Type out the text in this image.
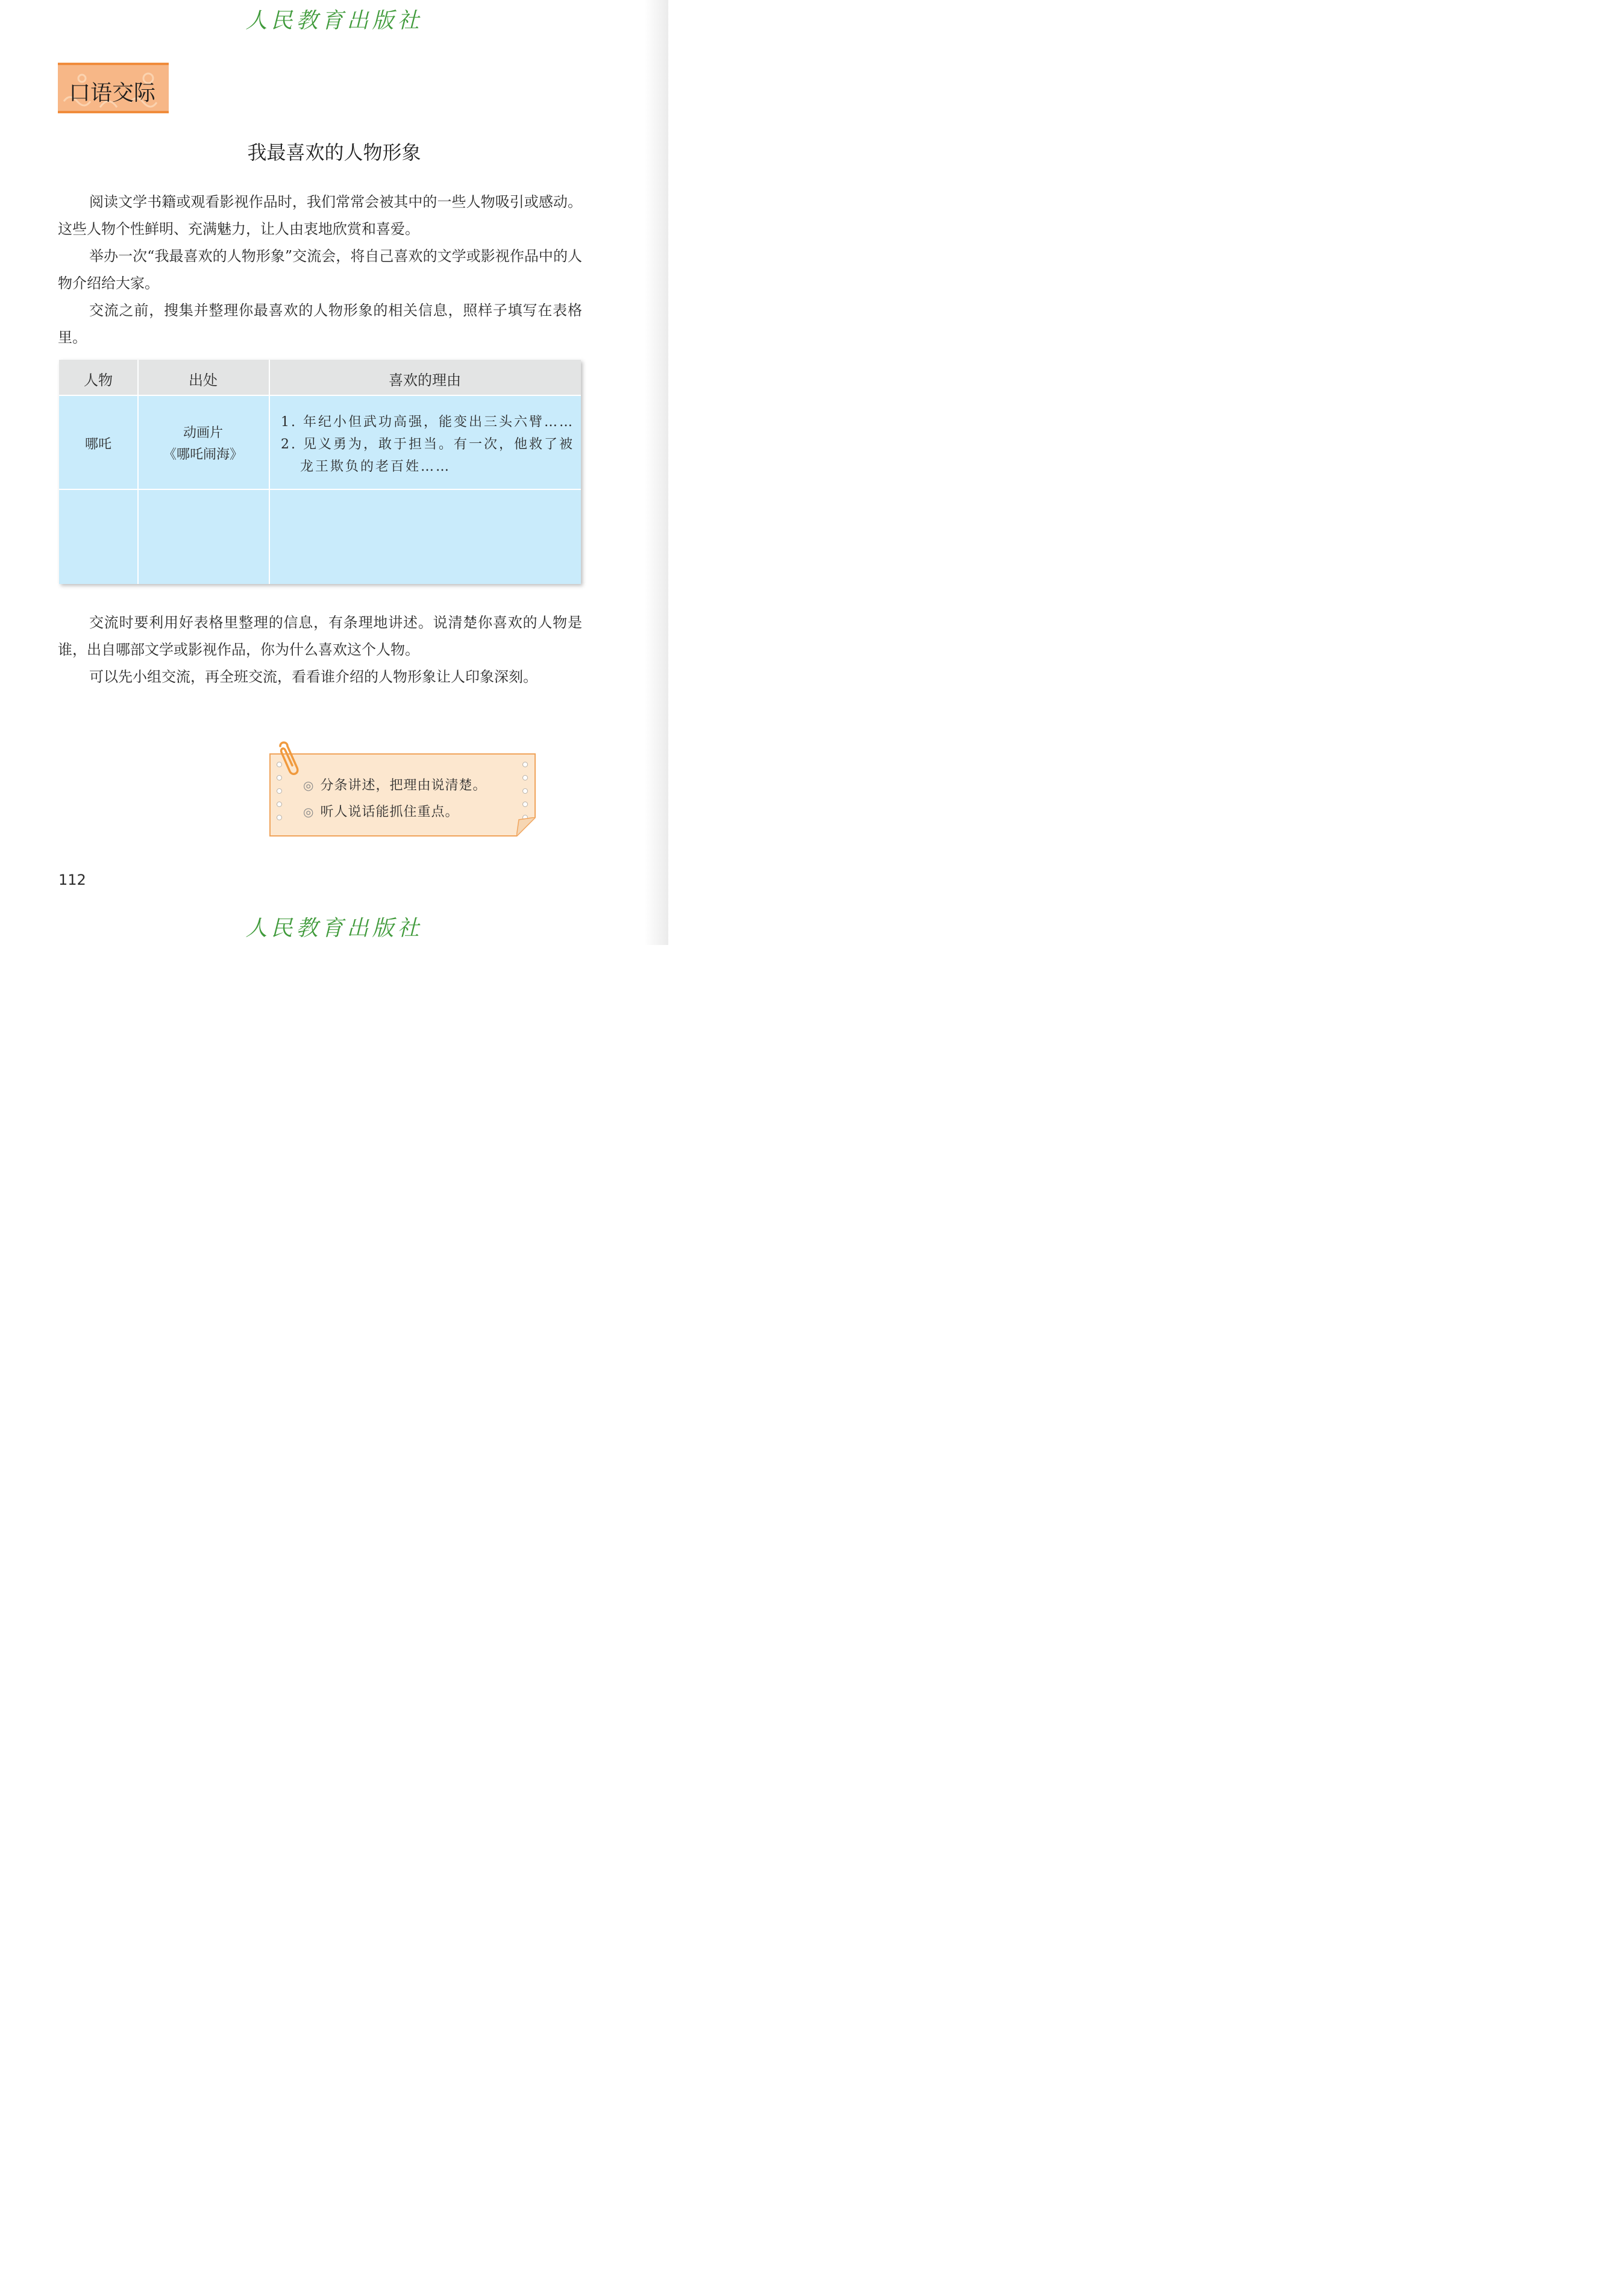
人民教育出版社
口语交际
我最喜欢的人物形象
阅读文学书籍或观看影视作品时，我们常常会被其中的一些人物吸引或感动。这些人物个性鲜明、充满魅力，让人由衷地欣赏和喜爱。
举办一次“我最喜欢的人物形象”交流会，将自己喜欢的文学或影视作品中的人物介绍给大家。
交流之前，搜集并整理你最喜欢的人物形象的相关信息，照样子填写在表格里。
人物	出处	喜欢的理由
哪吒
动画片
《哪吒闹海》
1. 年纪小但武功高强，能变出三头六臂……
2. 见义勇为，敢于担当。有一次，他救了被
龙王欺负的老百姓……
交流时要利用好表格里整理的信息，有条理地讲述。说清楚你喜欢的人物是谁，出自哪部文学或影视作品，你为什么喜欢这个人物。
可以先小组交流，再全班交流，看看谁介绍的人物形象让人印象深刻。
◎ 分条讲述，把理由说清楚。
◎ 听人说话能抓住重点。
112
人民教育出版社
